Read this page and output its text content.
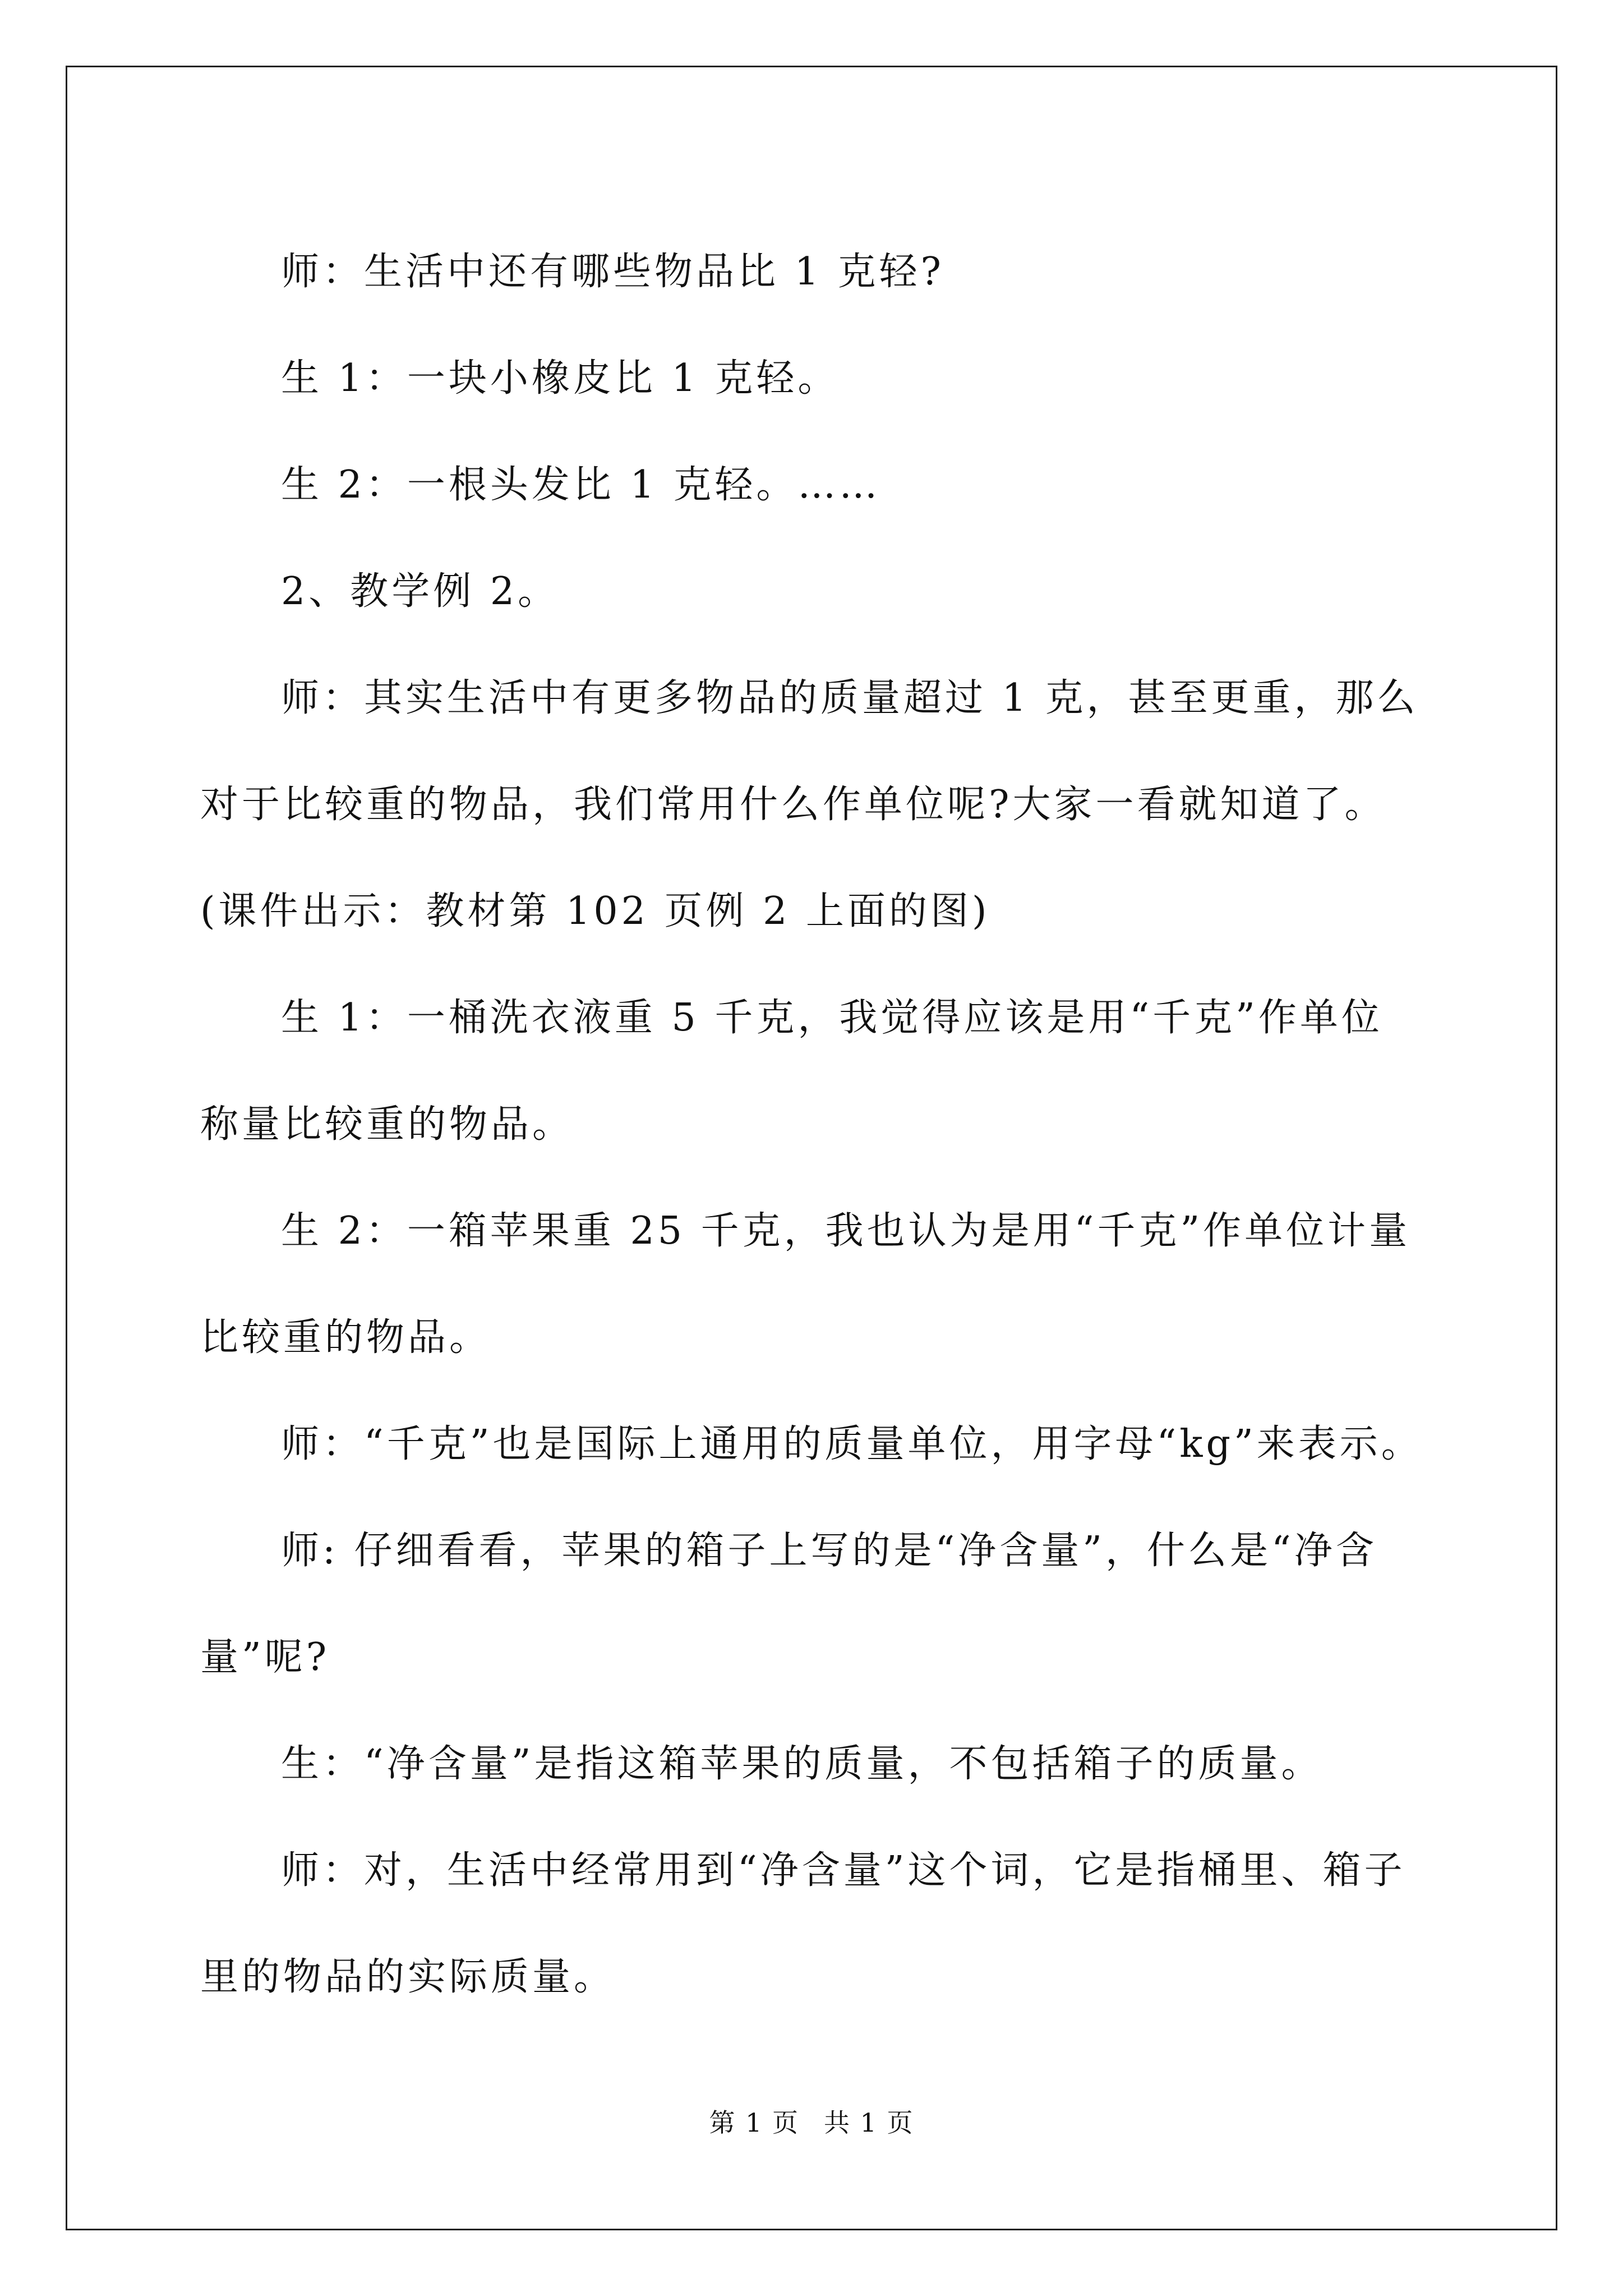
师：生活中还有哪些物品比 1 克轻?

生 1：一块小橡皮比 1 克轻。

生 2：一根头发比 1 克轻。……

2、教学例 2。

师：其实生活中有更多物品的质量超过 1 克，甚至更重，那么对于比较重的物品，我们常用什么作单位呢?大家一看就知道了。(课件出示：教材第 102 页例 2 上面的图)

生 1：一桶洗衣液重 5 千克，我觉得应该是用“千克”作单位称量比较重的物品。

生 2：一箱苹果重 25 千克，我也认为是用“千克”作单位计量比较重的物品。

师：“千克”也是国际上通用的质量单位，用字母“kg”来表示。

师: 仔细看看，苹果的箱子上写的是“净含量”，什么是“净含量”呢?

生：“净含量”是指这箱苹果的质量，不包括箱子的质量。

师：对，生活中经常用到“净含量”这个词，它是指桶里、箱子里的物品的实际质量。

第 1 页 共 1 页
